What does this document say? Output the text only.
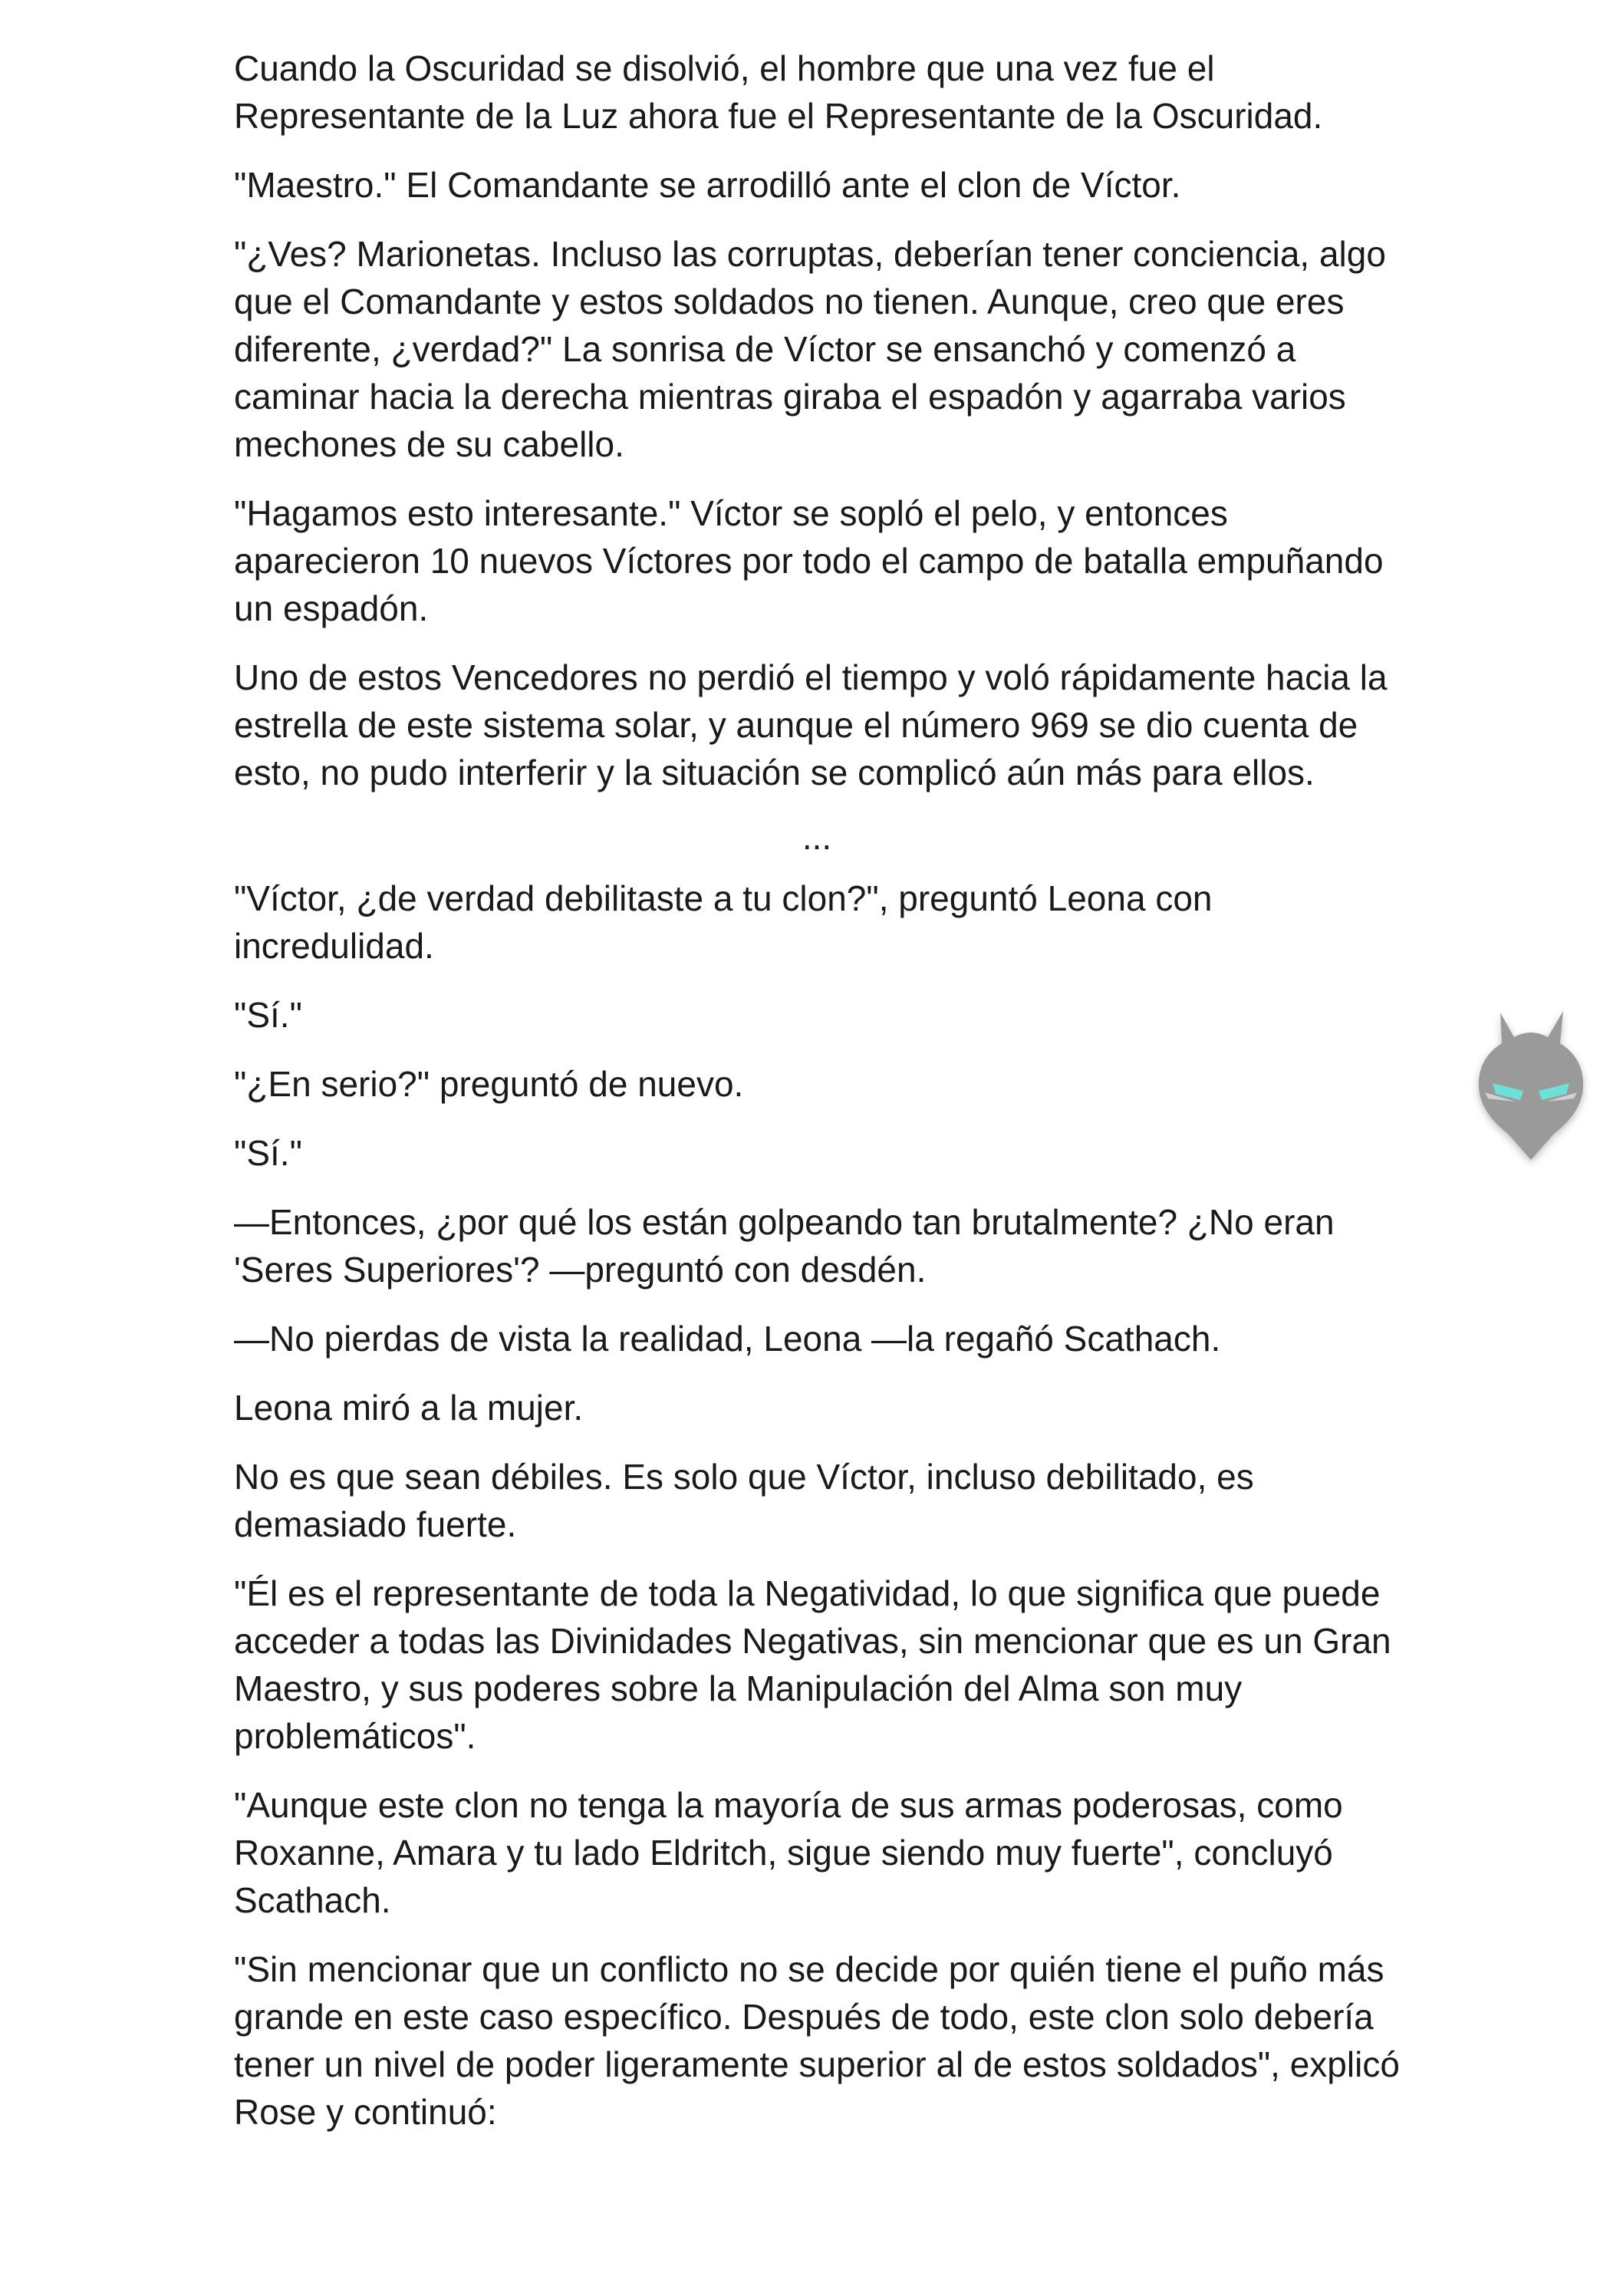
Cuando la Oscuridad se disolvió, el hombre que una vez fue el Representante de la Luz ahora fue el Representante de la Oscuridad.

"Maestro." El Comandante se arrodilló ante el clon de Víctor.

"¿Ves? Marionetas. Incluso las corruptas, deberían tener conciencia, algo que el Comandante y estos soldados no tienen. Aunque, creo que eres diferente, ¿verdad?" La sonrisa de Víctor se ensanchó y comenzó a caminar hacia la derecha mientras giraba el espadón y agarraba varios mechones de su cabello.

"Hagamos esto interesante." Víctor se sopló el pelo, y entonces aparecieron 10 nuevos Víctores por todo el campo de batalla empuñando un espadón.

Uno de estos Vencedores no perdió el tiempo y voló rápidamente hacia la estrella de este sistema solar, y aunque el número 969 se dio cuenta de esto, no pudo interferir y la situación se complicó aún más para ellos.

...

"Víctor, ¿de verdad debilitaste a tu clon?", preguntó Leona con incredulidad.

"Sí."

"¿En serio?" preguntó de nuevo.

"Sí."

—Entonces, ¿por qué los están golpeando tan brutalmente? ¿No eran 'Seres Superiores'? —preguntó con desdén.

—No pierdas de vista la realidad, Leona —la regañó Scathach.

Leona miró a la mujer.

No es que sean débiles. Es solo que Víctor, incluso debilitado, es demasiado fuerte.

"Él es el representante de toda la Negatividad, lo que significa que puede acceder a todas las Divinidades Negativas, sin mencionar que es un Gran Maestro, y sus poderes sobre la Manipulación del Alma son muy problemáticos".

"Aunque este clon no tenga la mayoría de sus armas poderosas, como Roxanne, Amara y tu lado Eldritch, sigue siendo muy fuerte", concluyó Scathach.

"Sin mencionar que un conflicto no se decide por quién tiene el puño más grande en este caso específico. Después de todo, este clon solo debería tener un nivel de poder ligeramente superior al de estos soldados", explicó Rose y continuó:
